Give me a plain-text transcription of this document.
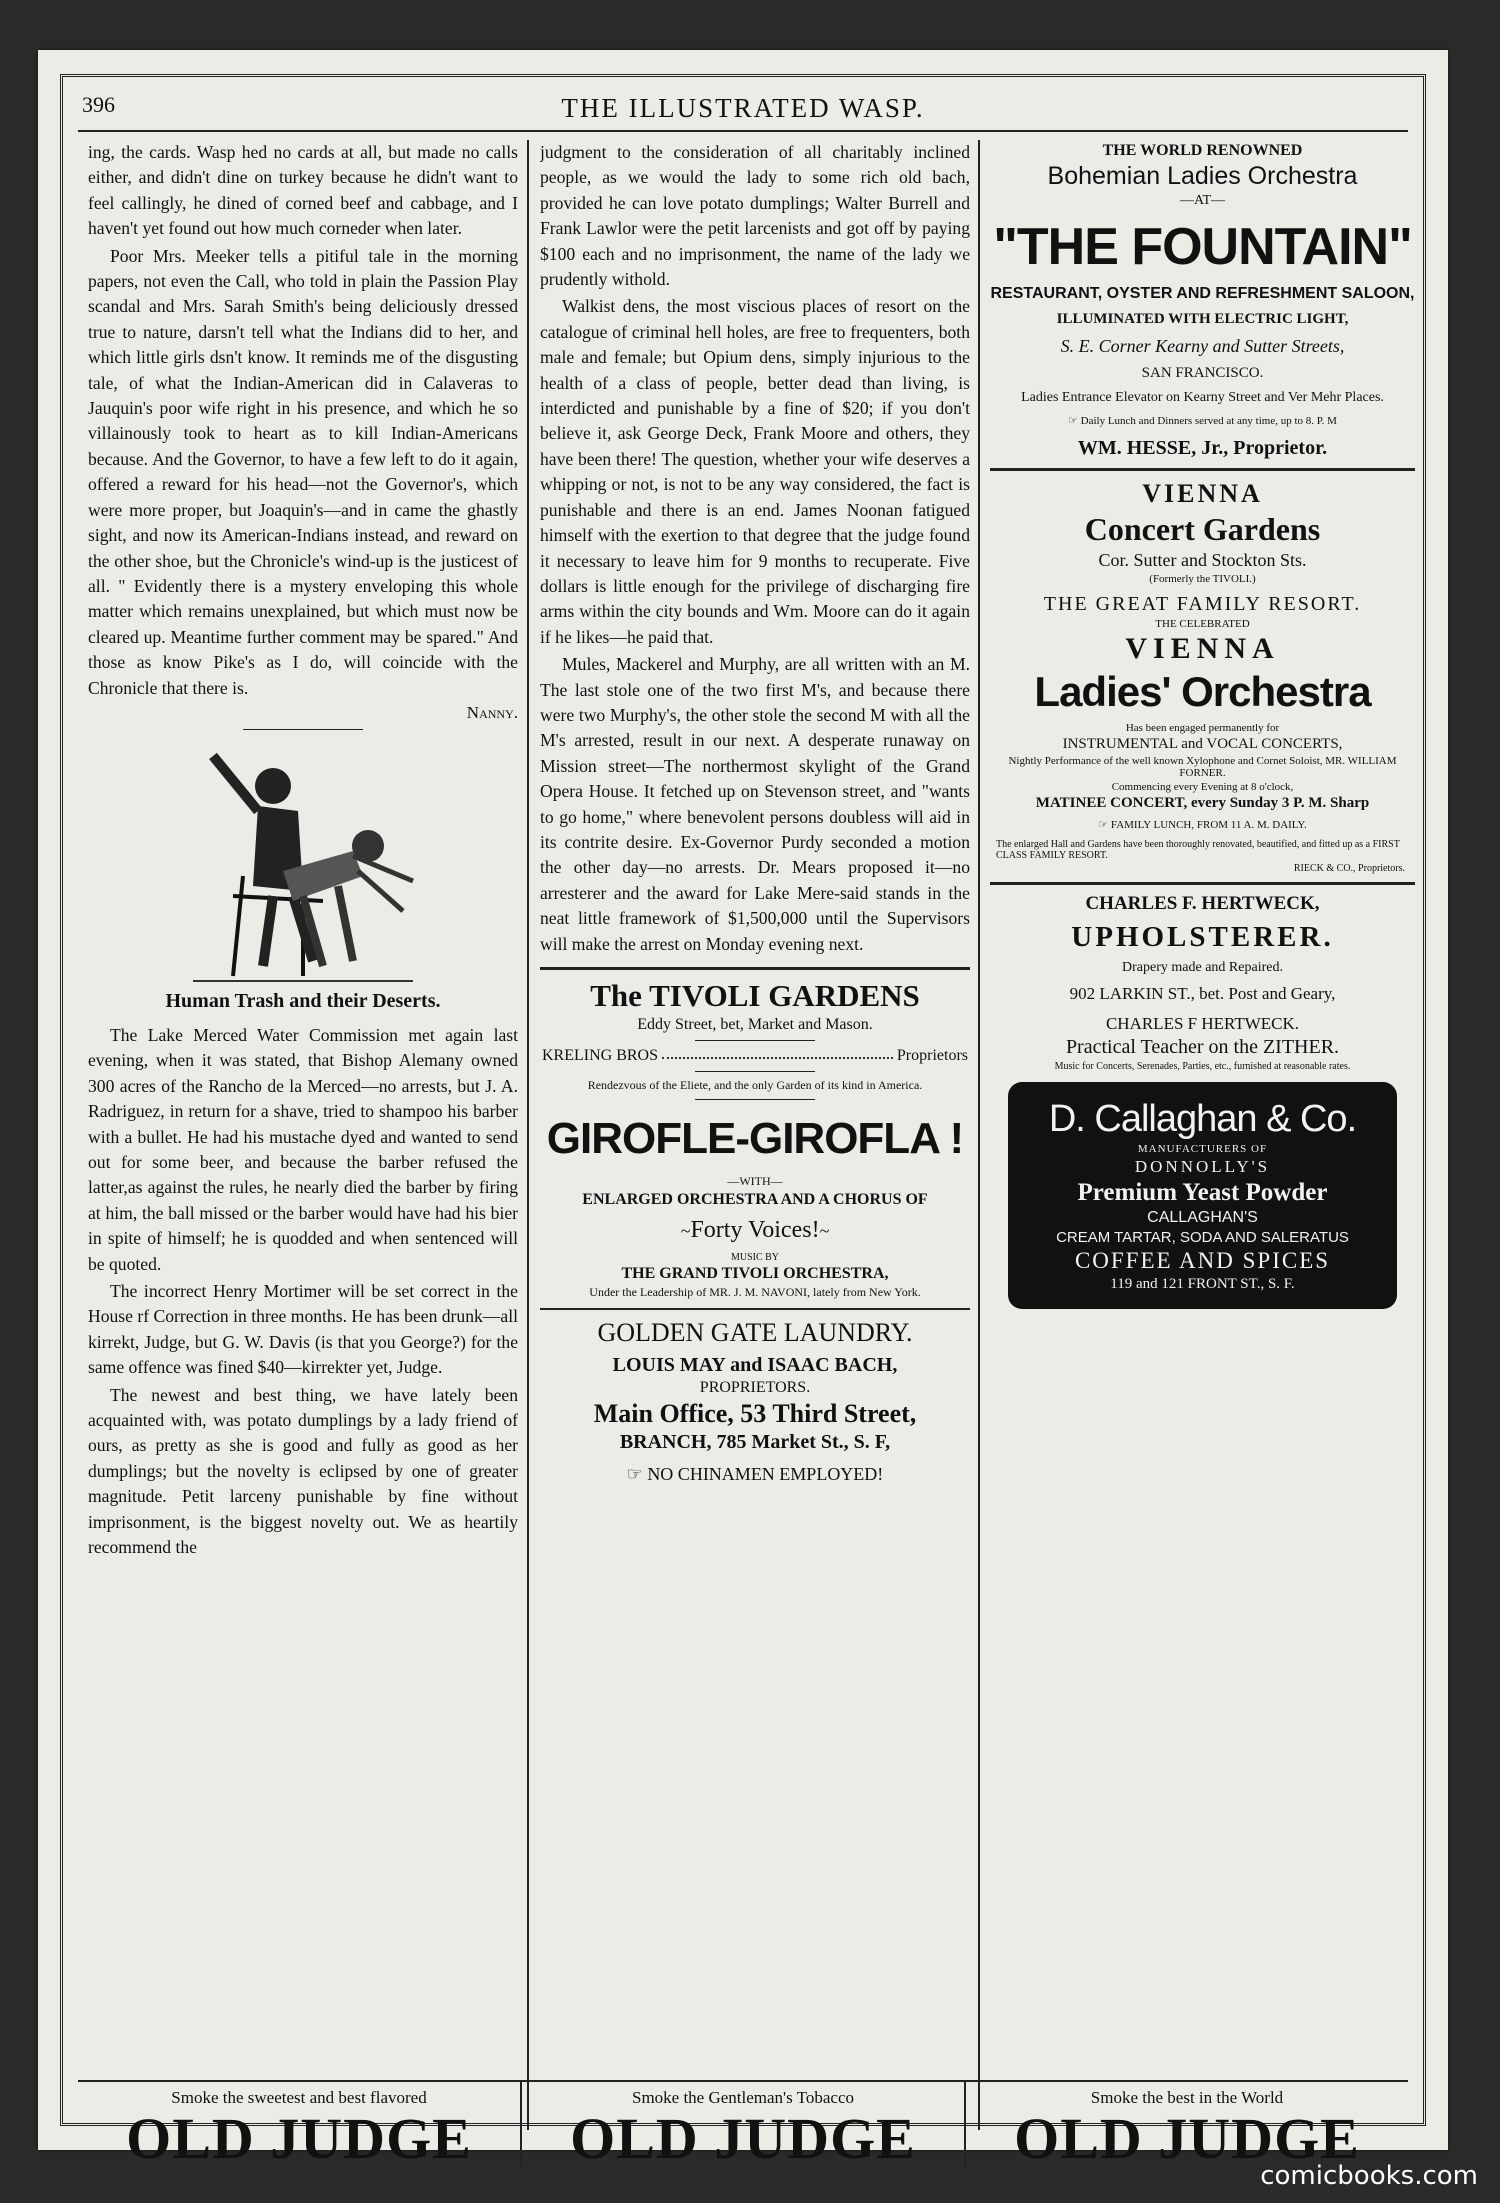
396	THE ILLUSTRATED WASP.

ing, the cards. Wasp hed no cards at all, but made no calls either, and didn't dine on turkey because he didn't want to feel callingly, he dined of corned beef and cabbage, and I haven't yet found out how much corneder when later.

Poor Mrs. Meeker tells a pitiful tale in the morning papers, not even the Call, who told in plain the Passion Play scandal and Mrs. Sarah Smith's being deliciously dressed true to nature, darsn't tell what the Indians did to her, and which little girls dsn't know. It reminds me of the disgusting tale, of what the Indian-American did in Calaveras to Jauquin's poor wife right in his presence, and which he so villainously took to heart as to kill Indian-Americans because. And the Governor, to have a few left to do it again, offered a reward for his head—not the Governor's, which were more proper, but Joaquin's—and in came the ghastly sight, and now its American-Indians instead, and reward on the other shoe, but the Chronicle's wind-up is the justicest of all. " Evidently there is a mystery enveloping this whole matter which remains unexplained, but which must now be cleared up. Meantime further comment may be spared." And those as know Pike's as I do, will coincide with the Chronicle that there is.

Nanny.
Human Trash and their Deserts.

The Lake Merced Water Commission met again last evening, when it was stated, that Bishop Alemany owned 300 acres of the Rancho de la Merced—no arrests, but J. A. Radriguez, in return for a shave, tried to shampoo his barber with a bullet. He had his mustache dyed and wanted to send out for some beer, and because the barber refused the latter,as against the rules, he nearly died the barber by firing at him, the ball missed or the barber would have had his bier in spite of himself; he is quodded and when sentenced will be quoted.

The incorrect Henry Mortimer will be set correct in the House rf Correction in three months. He has been drunk—all kirrekt, Judge, but G. W. Davis (is that you George?) for the same offence was fined $40—kirrekter yet, Judge.

The newest and best thing, we have lately been acquainted with, was potato dumplings by a lady friend of ours, as pretty as she is good and fully as good as her dumplings; but the novelty is eclipsed by one of greater magnitude. Petit larceny punishable by fine without imprisonment, is the biggest novelty out. We as heartily recommend the

judgment to the consideration of all charitably inclined people, as we would the lady to some rich old bach, provided he can love potato dumplings; Walter Burrell and Frank Lawlor were the petit larcenists and got off by paying $100 each and no imprisonment, the name of the lady we prudently withold.

Walkist dens, the most viscious places of resort on the catalogue of criminal hell holes, are free to frequenters, both male and female; but Opium dens, simply injurious to the health of a class of people, better dead than living, is interdicted and punishable by a fine of $20; if you don't believe it, ask George Deck, Frank Moore and others, they have been there! The question, whether your wife deserves a whipping or not, is not to be any way considered, the fact is punishable and there is an end. James Noonan fatigued himself with the exertion to that degree that the judge found it necessary to leave him for 9 months to recuperate. Five dollars is little enough for the privilege of discharging fire arms within the city bounds and Wm. Moore can do it again if he likes—he paid that.

Mules, Mackerel and Murphy, are all written with an M. The last stole one of the two first M's, and because there were two Murphy's, the other stole the second M with all the M's arrested, result in our next. A desperate runaway on Mission street—The northermost skylight of the Grand Opera House. It fetched up on Stevenson street, and "wants to go home," where benevolent persons doubless will aid in its contrite desire. Ex-Governor Purdy seconded a motion the other day—no arrests. Dr. Mears proposed it—no arresterer and the award for Lake Mere-said stands in the neat little framework of $1,500,000 until the Supervisors will make the arrest on Monday evening next.

The TIVOLI GARDENS
Eddy Street, bet, Market and Mason.
KRELING BROS	Proprietors
Rendezvous of the Eliete, and the only Garden of its kind in America.
GIROFLE-GIROFLA !
—WITH—
ENLARGED ORCHESTRA AND A CHORUS OF
~Forty Voices!~
MUSIC BY
THE GRAND TIVOLI ORCHESTRA,
Under the Leadership of MR. J. M. NAVONI, lately from New York.
GOLDEN GATE LAUNDRY.
LOUIS MAY and ISAAC BACH,
PROPRIETORS.
Main Office, 53 Third Street,
BRANCH, 785 Market St., S. F,
☞ NO CHINAMEN EMPLOYED!
THE WORLD RENOWNED
Bohemian Ladies Orchestra
—AT—
"THE FOUNTAIN"
RESTAURANT, OYSTER AND REFRESHMENT SALOON,
ILLUMINATED WITH ELECTRIC LIGHT,
S. E. Corner Kearny and Sutter Streets,
SAN FRANCISCO.
Ladies Entrance Elevator on Kearny Street and Ver Mehr Places.
☞ Daily Lunch and Dinners served at any time, up to 8. P. M
WM. HESSE, Jr., Proprietor.
VIENNA
Concert Gardens
Cor. Sutter and Stockton Sts.
(Formerly the TIVOLI.)
THE GREAT FAMILY RESORT.
THE CELEBRATED
VIENNA
Ladies' Orchestra
Has been engaged permanently for
INSTRUMENTAL and VOCAL CONCERTS,
Nightly Performance of the well known Xylophone and Cornet Soloist, MR. WILLIAM FORNER.
Commencing every Evening at 8 o'clock,
MATINEE CONCERT, every Sunday 3 P. M. Sharp
☞ FAMILY LUNCH, FROM 11 A. M. DAILY.
The enlarged Hall and Gardens have been thoroughly renovated, beautified, and fitted up as a FIRST CLASS FAMILY RESORT.
RIECK & CO., Proprietors.
CHARLES F. HERTWECK,
UPHOLSTERER.
Drapery made and Repaired.
902 LARKIN ST., bet. Post and Geary,
CHARLES F HERTWECK.
Practical Teacher on the ZITHER.
Music for Concerts, Serenades, Parties, etc., furnished at reasonable rates.
D. Callaghan & Co.
MANUFACTURERS OF
DONNOLLY'S
Premium Yeast Powder
CALLAGHAN'S
CREAM TARTAR, SODA AND SALERATUS
COFFEE AND SPICES
119 and 121 FRONT ST., S. F.
Smoke the sweetest and best flavored
OLD JUDGE
Smoke the Gentleman's Tobacco
OLD JUDGE
Smoke the best in the World
OLD JUDGE
comicbooks.com
